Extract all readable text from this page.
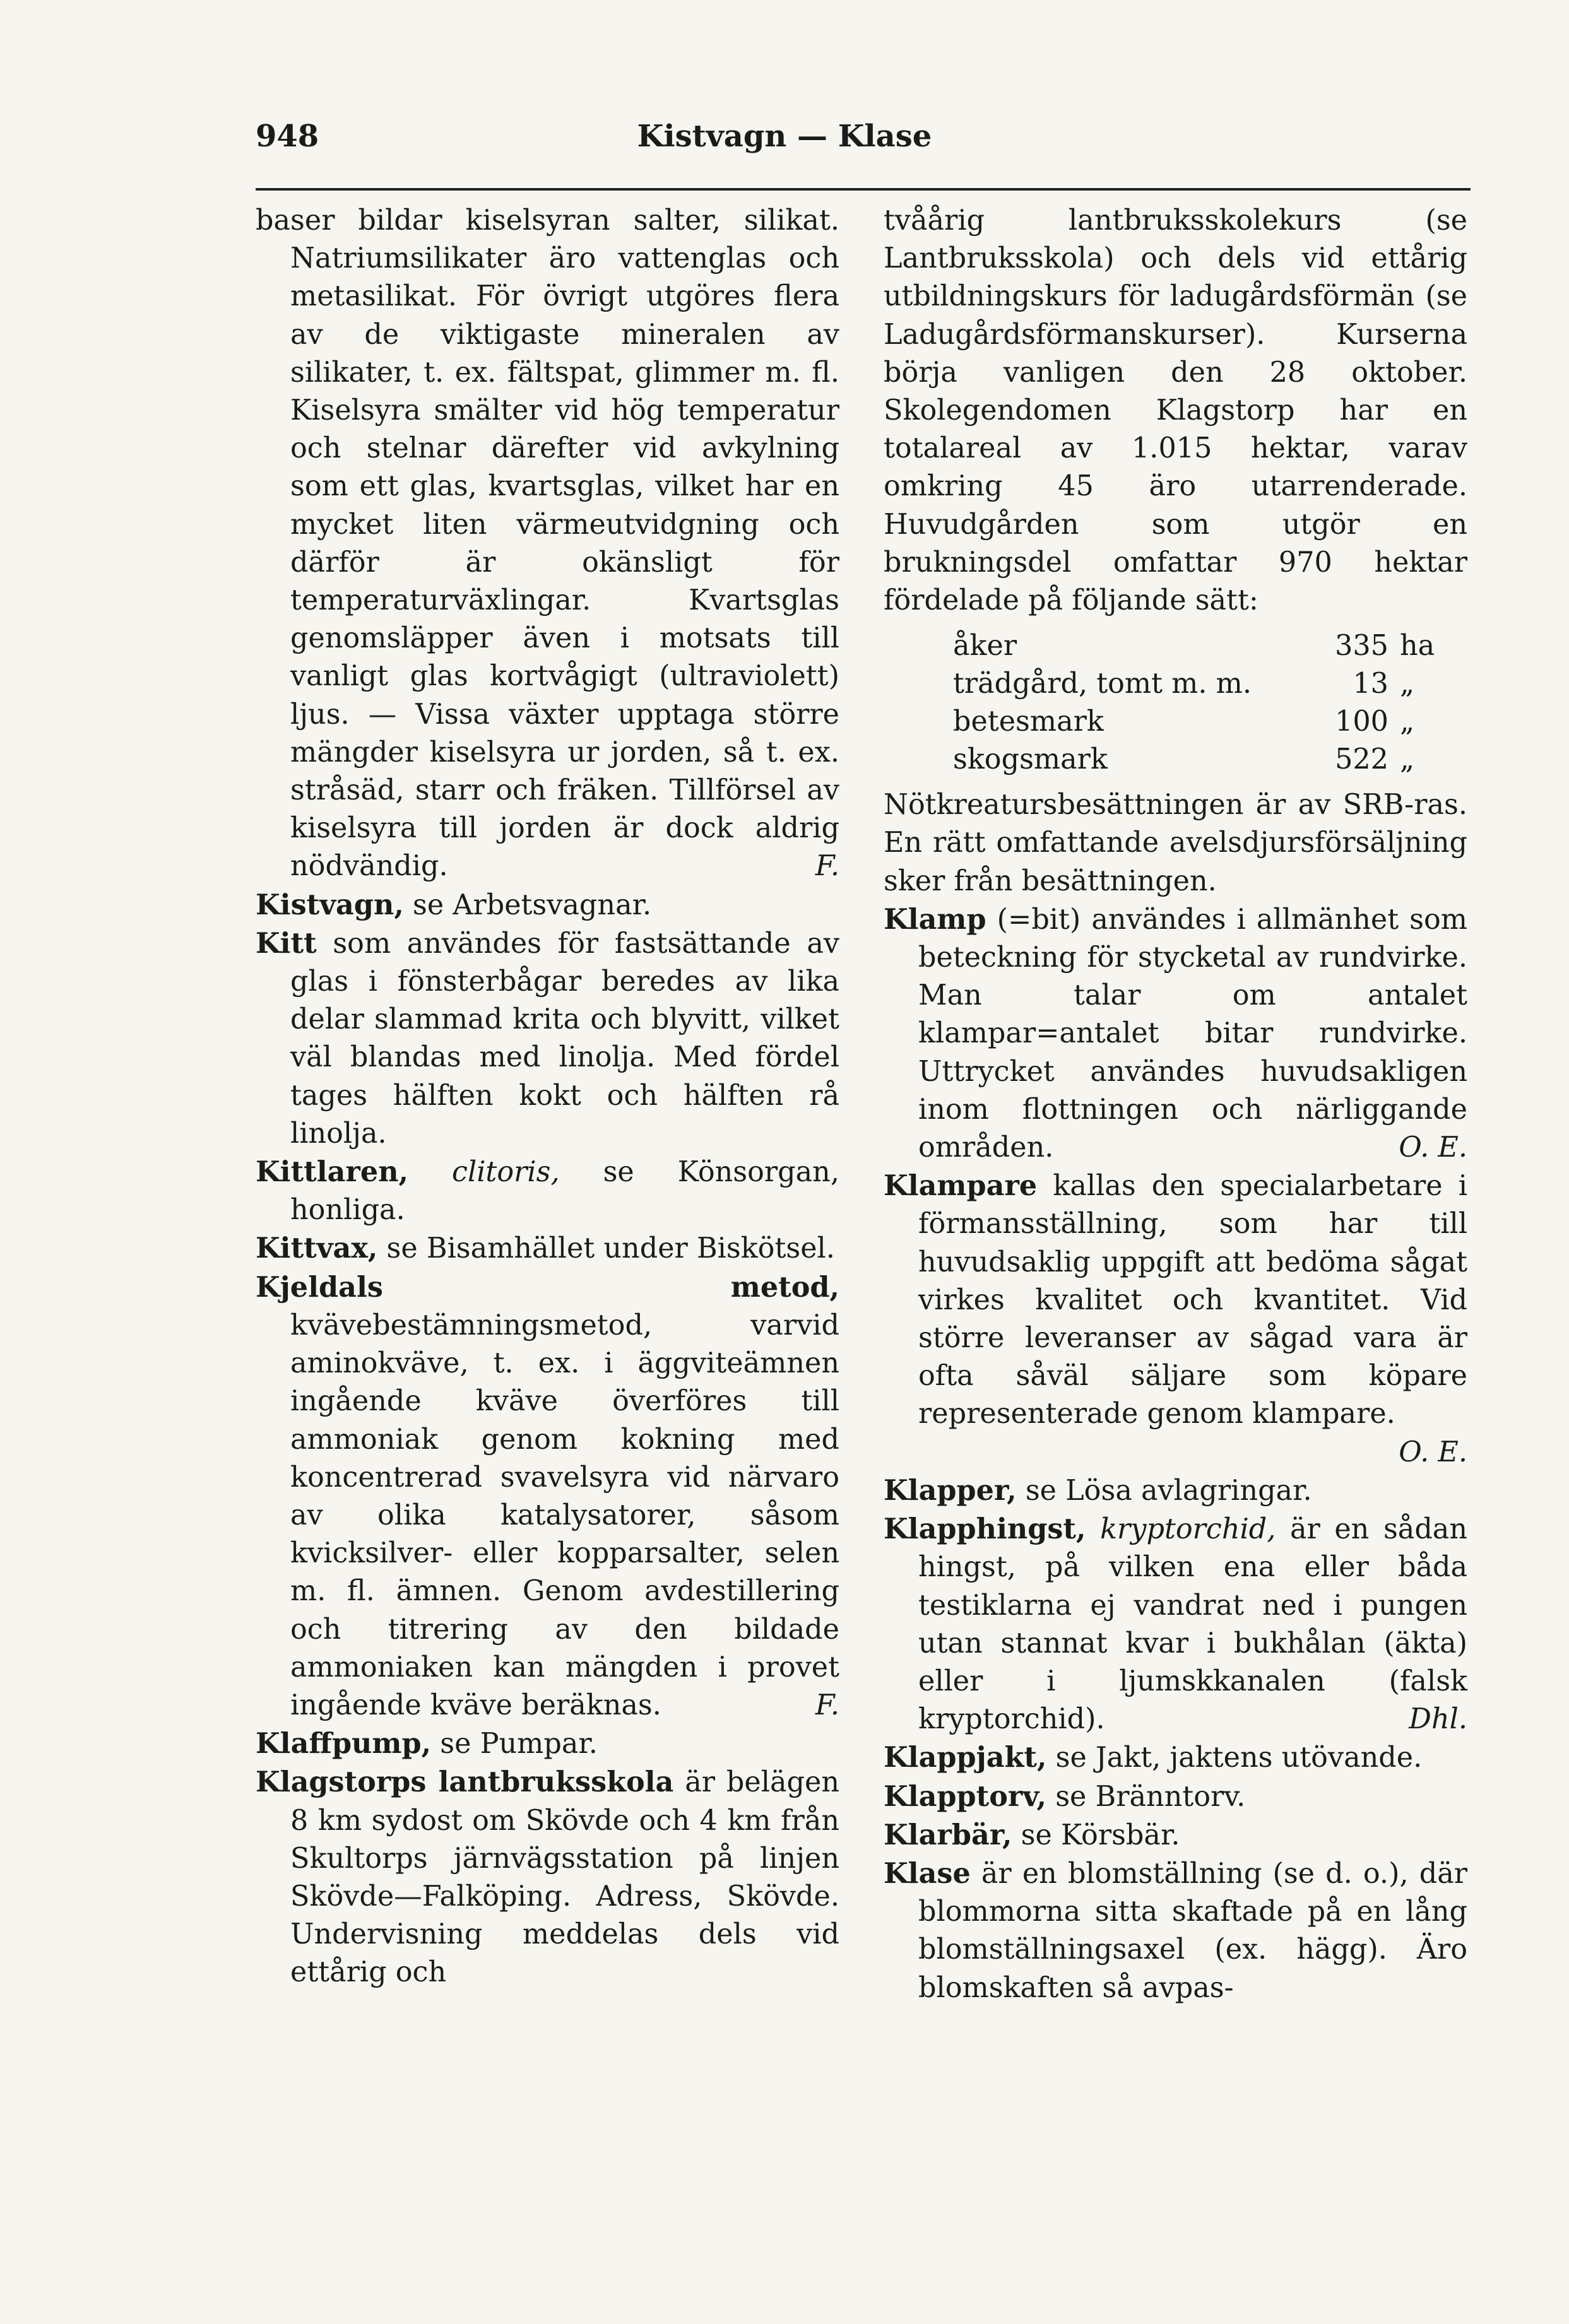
948	Kistvagn — Klase

baser bildar kiselsyran salter, silikat. Natriumsilikater äro vattenglas och metasilikat. För övrigt utgöres flera av de viktigaste mineralen av silikater, t. ex. fältspat, glimmer m. fl. Kiselsyra smälter vid hög temperatur och stelnar därefter vid avkylning som ett glas, kvartsglas, vilket har en mycket liten värmeutvidgning och därför är okänsligt för temperaturväxlingar. Kvartsglas genomsläpper även i motsats till vanligt glas kortvågigt (ultraviolett) ljus. — Vissa växter upptaga större mängder kiselsyra ur jorden, så t. ex. stråsäd, starr och fräken. Tillförsel av kiselsyra till jorden är dock aldrig nödvändig.	F.

Kistvagn, se Arbetsvagnar.

Kitt som användes för fastsättande av glas i fönsterbågar beredes av lika delar slammad krita och blyvitt, vilket väl blandas med linolja. Med fördel tages hälften kokt och hälften rå linolja.

Kittlaren, clitoris, se Könsorgan, honliga.

Kittvax, se Bisamhället under Biskötsel.

Kjeldals metod, kvävebestämningsmetod, varvid aminokväve, t. ex. i äggviteämnen ingående kväve överföres till ammoniak genom kokning med koncentrerad svavelsyra vid närvaro av olika katalysatorer, såsom kvicksilver- eller kopparsalter, selen m. fl. ämnen. Genom avdestillering och titrering av den bildade ammoniaken kan mängden i provet ingående kväve beräknas.	F.

Klaffpump, se Pumpar.

Klagstorps lantbruksskola är belägen 8 km sydost om Skövde och 4 km från Skultorps järnvägsstation på linjen Skövde—Falköping. Adress, Skövde. Undervisning meddelas dels vid ettårig och

tvåårig lantbruksskolekurs (se Lantbruksskola) och dels vid ettårig utbildningskurs för ladugårdsförmän (se Ladugårdsförmanskurser). Kurserna börja vanligen den 28 oktober. Skolegendomen Klagstorp har en totalareal av 1.015 hektar, varav omkring 45 äro utarrenderade. Huvudgården som utgör en brukningsdel omfattar 970 hektar fördelade på följande sätt:

åker	335	ha
trädgård, tomt m. m.	13	„
betesmark	100	„
skogsmark	522	„

Nötkreatursbesättningen är av SRB-ras. En rätt omfattande avelsdjursförsäljning sker från besättningen.

Klamp (=bit) användes i allmänhet som beteckning för stycketal av rundvirke. Man talar om antalet klampar=antalet bitar rundvirke. Uttrycket användes huvudsakligen inom flottningen och närliggande områden.	O. E.

Klampare kallas den specialarbetare i förmansställning, som har till huvudsaklig uppgift att bedöma sågat virkes kvalitet och kvantitet. Vid större leveranser av sågad vara är ofta såväl säljare som köpare representerade genom klampare.
O. E.

Klapper, se Lösa avlagringar.

Klapphingst, kryptorchid, är en sådan hingst, på vilken ena eller båda testiklarna ej vandrat ned i pungen utan stannat kvar i bukhålan (äkta) eller i ljumskkanalen (falsk kryptorchid).	Dhl.

Klappjakt, se Jakt, jaktens utövande.

Klapptorv, se Bränntorv.

Klarbär, se Körsbär.

Klase är en blomställning (se d. o.), där blommorna sitta skaftade på en lång blomställningsaxel (ex. hägg). Äro blomskaften så avpas-
